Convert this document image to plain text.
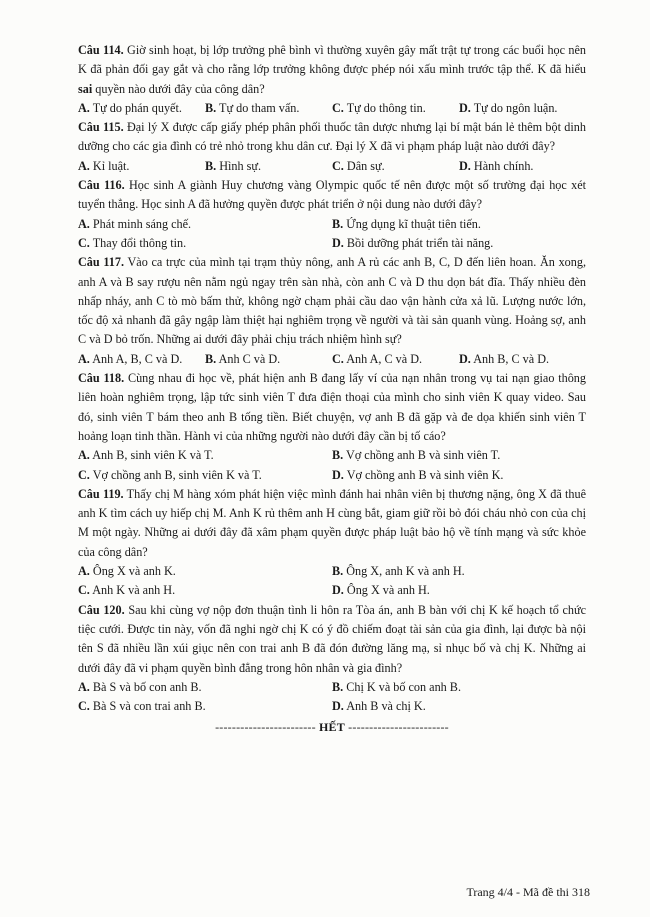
Câu 114. Giờ sinh hoạt, bị lớp trưởng phê bình vì thường xuyên gây mất trật tự trong các buổi học nên K đã phản đối gay gắt và cho rằng lớp trưởng không được phép nói xấu mình trước tập thể. K đã hiểu sai quyền nào dưới đây của công dân?

A. Tự do phán quyết.	B. Tự do tham vấn.	C. Tự do thông tin.	D. Tự do ngôn luận.

Câu 115. Đại lý X được cấp giấy phép phân phối thuốc tân dược nhưng lại bí mật bán lẻ thêm bột dinh dưỡng cho các gia đình có trẻ nhỏ trong khu dân cư. Đại lý X đã vi phạm pháp luật nào dưới đây?

A. Kỉ luật.	B. Hình sự.	C. Dân sự.	D. Hành chính.

Câu 116. Học sinh A giành Huy chương vàng Olympic quốc tế nên được một số trường đại học xét tuyển thẳng. Học sinh A đã hưởng quyền được phát triển ở nội dung nào dưới đây?

A. Phát minh sáng chế.	B. Ứng dụng kĩ thuật tiên tiến.
C. Thay đổi thông tin.	D. Bồi dưỡng phát triển tài năng.

Câu 117. Vào ca trực của mình tại trạm thủy nông, anh A rủ các anh B, C, D đến liên hoan. Ăn xong, anh A và B say rượu nên nằm ngủ ngay trên sàn nhà, còn anh C và D thu dọn bát đĩa. Thấy nhiều đèn nhấp nháy, anh C tò mò bấm thử, không ngờ chạm phải cầu dao vận hành cửa xả lũ. Lượng nước lớn, tốc độ xả nhanh đã gây ngập làm thiệt hại nghiêm trọng về người và tài sản quanh vùng. Hoảng sợ, anh C và D bỏ trốn. Những ai dưới đây phải chịu trách nhiệm hình sự?

A. Anh A, B, C và D.	B. Anh C và D.	C. Anh A, C và D.	D. Anh B, C và D.

Câu 118. Cùng nhau đi học về, phát hiện anh B đang lấy ví của nạn nhân trong vụ tai nạn giao thông liên hoàn nghiêm trọng, lập tức sinh viên T đưa điện thoại của mình cho sinh viên K quay video. Sau đó, sinh viên T bám theo anh B tống tiền. Biết chuyện, vợ anh B đã gặp và đe dọa khiến sinh viên T hoảng loạn tinh thần. Hành vi của những người nào dưới đây cần bị tố cáo?

A. Anh B, sinh viên K và T.	B. Vợ chồng anh B và sinh viên T.
C. Vợ chồng anh B, sinh viên K và T.	D. Vợ chồng anh B và sinh viên K.

Câu 119. Thấy chị M hàng xóm phát hiện việc mình đánh hai nhân viên bị thương nặng, ông X đã thuê anh K tìm cách uy hiếp chị M. Anh K rủ thêm anh H cùng bắt, giam giữ rồi bỏ đói cháu nhỏ con của chị M một ngày. Những ai dưới đây đã xâm phạm quyền được pháp luật bảo hộ về tính mạng và sức khỏe của công dân?

A. Ông X và anh K.	B. Ông X, anh K và anh H.
C. Anh K và anh H.	D. Ông X và anh H.

Câu 120. Sau khi cùng vợ nộp đơn thuận tình li hôn ra Tòa án, anh B bàn với chị K kế hoạch tổ chức tiệc cưới. Được tin này, vốn đã nghi ngờ chị K có ý đồ chiếm đoạt tài sản của gia đình, lại được bà nội tên S đã nhiều lần xúi giục nên con trai anh B đã đón đường lăng mạ, sỉ nhục bố và chị K. Những ai dưới đây đã vi phạm quyền bình đẳng trong hôn nhân và gia đình?

A. Bà S và bố con anh B.	B. Chị K và bố con anh B.
C. Bà S và con trai anh B.	D. Anh B và chị K.
------------------------ HẾT ------------------------
Trang 4/4 - Mã đề thi 318
